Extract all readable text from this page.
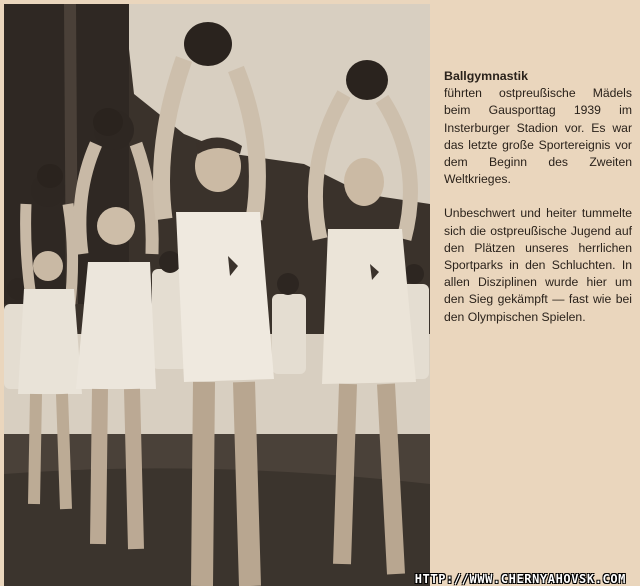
Ballgymnastik
führten ostpreußische Mädels beim Gausporttag 1939 im Insterburger Stadion vor. Es war das letzte große Sportereignis vor dem Beginn des Zweiten Weltkrieges.

Unbeschwert und heiter tummelte sich die ostpreußische Jugend auf den Plätzen unseres herrlichen Sportparks in den Schluchten. In allen Disziplinen wurde hier um den Sieg gekämpft — fast wie bei den Olympischen Spielen.

HTTP://WWW.CHERNYAHOVSK.COM
